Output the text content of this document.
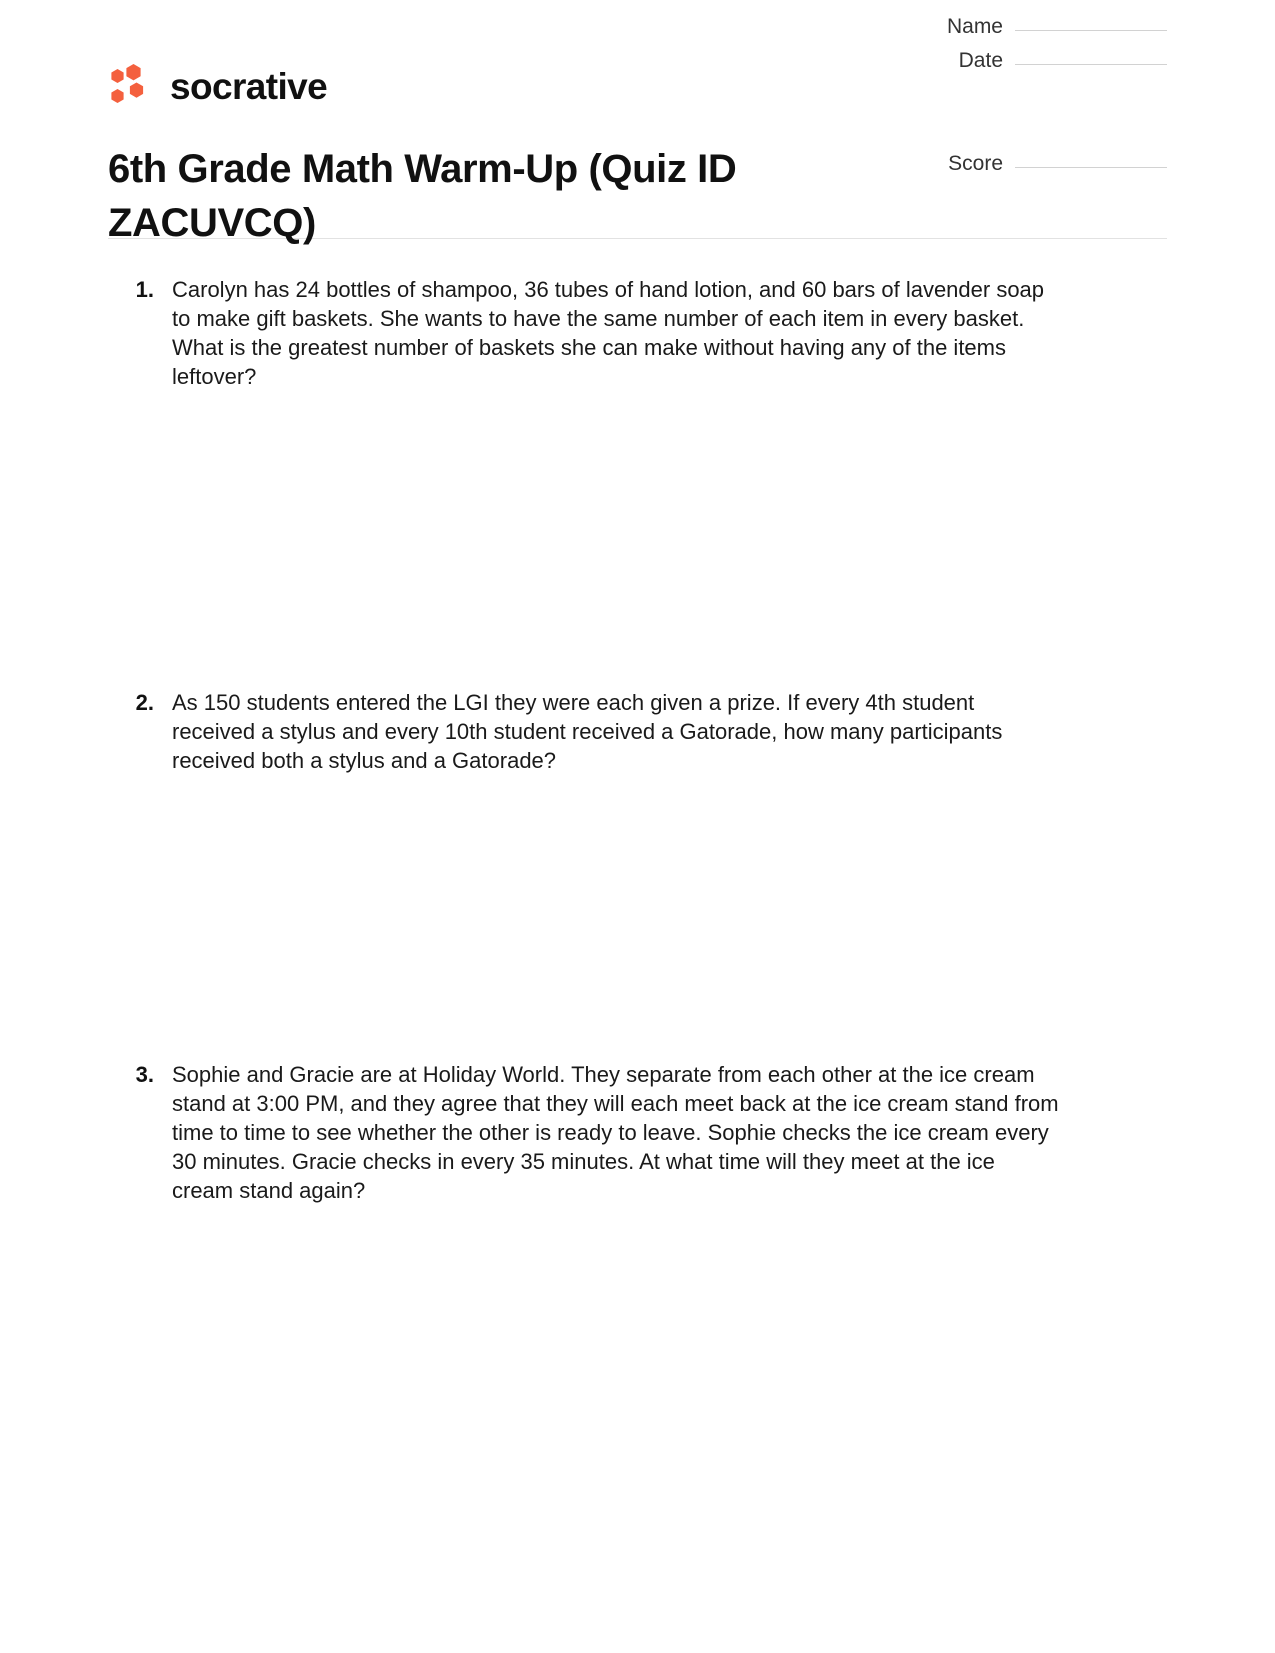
socrative
6th Grade Math Warm-Up (Quiz ID ZACUVCQ)
Name
Date
Score
1. Carolyn has 24 bottles of shampoo, 36 tubes of hand lotion, and 60 bars of lavender soap to make gift baskets. She wants to have the same number of each item in every basket. What is the greatest number of baskets she can make without having any of the items leftover?
2. As 150 students entered the LGI they were each given a prize. If every 4th student received a stylus and every 10th student received a Gatorade, how many participants received both a stylus and a Gatorade?
3. Sophie and Gracie are at Holiday World. They separate from each other at the ice cream stand at 3:00 PM, and they agree that they will each meet back at the ice cream stand from time to time to see whether the other is ready to leave. Sophie checks the ice cream every 30 minutes. Gracie checks in every 35 minutes. At what time will they meet at the ice cream stand again?
